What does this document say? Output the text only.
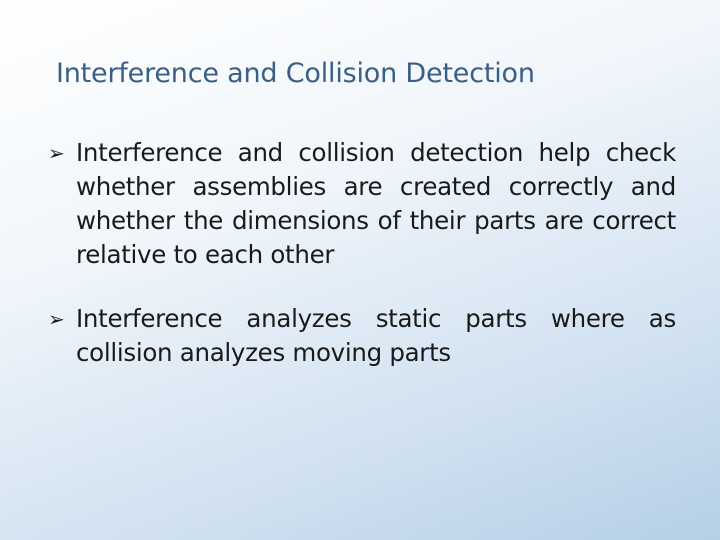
Interference and Collision Detection
➢ Interference and collision detection help check whether assemblies are created correctly and whether the dimensions of their parts are correct relative to each other
➢ Interference analyzes static parts where as collision analyzes moving parts
